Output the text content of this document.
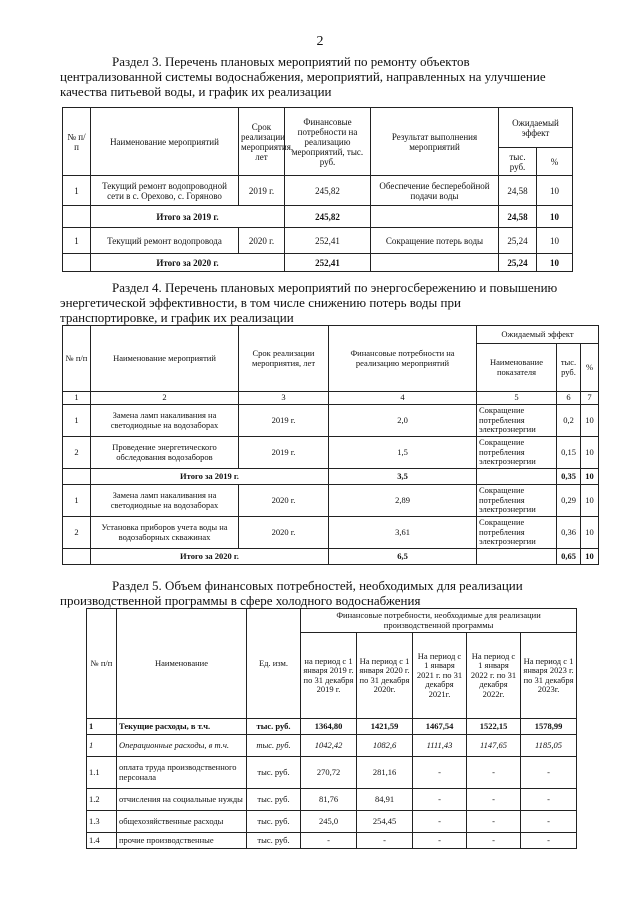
2
Раздел 3. Перечень плановых мероприятий по ремонту объектов
централизованной системы водоснабжения, мероприятий, направленных на улучшение
качества питьевой воды, и график их реализации
№ п/ п	Наименование мероприятий	Срок реализации мероприятия, лет	Финансовые потребности на реализацию мероприятий, тыс. руб.	Результат выполнения мероприятий	Ожидаемый эффект	
					тыс. руб.	%
1	Текущий ремонт водопроводной сети в с. Орехово, с. Горяново	2019 г.	245,82	Обеспечение бесперебойной подачи воды	24,58	10
	Итого за 2019 г.		245,82		24,58	10
1	Текущий ремонт водопровода	2020 г.	252,41	Сокращение потерь воды	25,24	10
	Итого за 2020 г.		252,41		25,24	10
Раздел 4. Перечень плановых мероприятий по энергосбережению и повышению
энергетической эффективности, в том числе снижению потерь воды при
транспортировке, и график их реализации
№ п/п	Наименование мероприятий	Срок реализации мероприятия, лет	Финансовые потребности на реализацию мероприятий	Ожидаемый эффект		
				Наименование показателя	тыс. руб.	%
1	2	3	4	5	6	7
1	Замена ламп накаливания на светодиодные на водозаборах	2019 г.	2,0	Сокращение потребления электроэнергии	0,2	10
2	Проведение энергетического обследования водозаборов	2019 г.	1,5	Сокращение потребления электроэнергии	0,15	10
	Итого за 2019 г.		3,5		0,35	10
1	Замена ламп накаливания на светодиодные на водозаборах	2020 г.	2,89	Сокращение потребления электроэнергии	0,29	10
2	Установка приборов учета воды на водозаборных скважинах	2020 г.	3,61	Сокращение потребления электроэнергии	0,36	10
	Итого за 2020 г.		6,5		0,65	10
Раздел 5. Объем финансовых потребностей, необходимых для реализации
производственной программы в сфере холодного водоснабжения
№ п/п	Наименование	Ед. изм.	Финансовые потребности, необходимые для реализации производственной программы				
			на период с 1 января 2019 г. по 31 декабря 2019 г.	На период с 1 января 2020 г. по 31 декабря 2020г.	На период с 1 января 2021 г. по 31 декабря 2021г.	На период с 1 января 2022 г. по 31 декабря 2022г.	На период с 1 января 2023 г. по 31 декабря 2023г.
1	Текущие расходы, в т.ч.	тыс. руб.	1364,80	1421,59	1467,54	1522,15	1578,99
1	Операционные расходы, в т.ч.	тыс. руб.	1042,42	1082,6	1111,43	1147,65	1185,05
1.1	оплата труда производственного персонала	тыс. руб.	270,72	281,16	-	-	-
1.2	отчисления на социальные нужды	тыс. руб.	81,76	84,91	-	-	-
1.3	общехозяйственные расходы	тыс. руб.	245,0	254,45	-	-	-
1.4	прочие производственные	тыс. руб.	-	-	-	-	-
